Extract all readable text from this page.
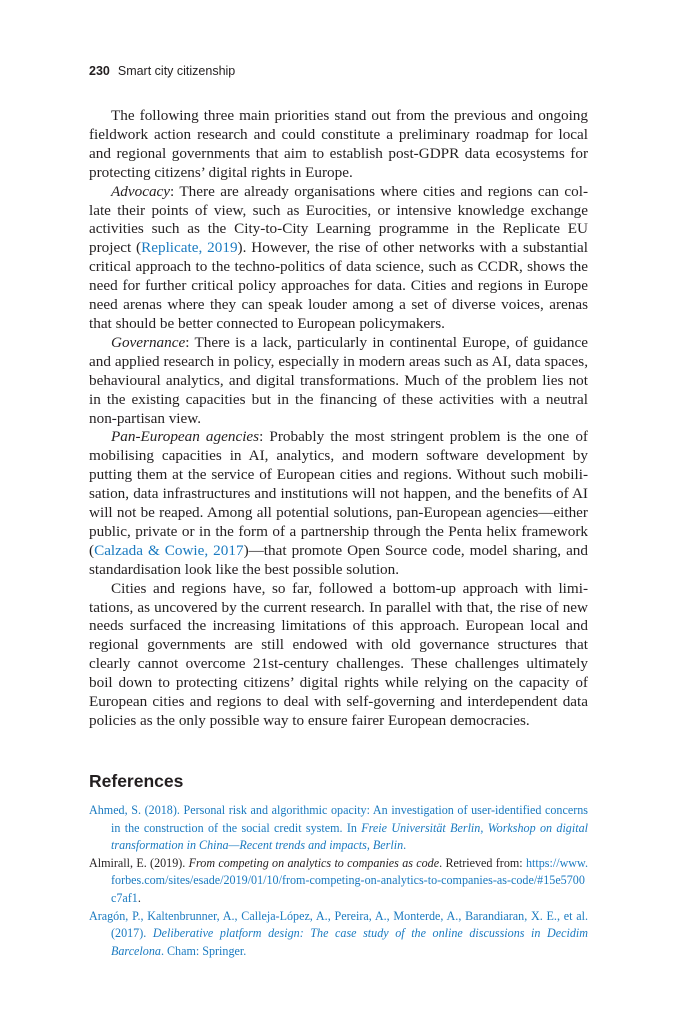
230 Smart city citizenship

The following three main priorities stand out from the previous and ongoing fieldwork action research and could constitute a preliminary roadmap for local and regional governments that aim to establish post-GDPR data ecosystems for protecting citizens’ digital rights in Europe.

Advocacy: There are already organisations where cities and regions can collate their points of view, such as Eurocities, or intensive knowledge exchange activities such as the City-to-City Learning programme in the Replicate EU project (Replicate, 2019). However, the rise of other networks with a substantial critical approach to the techno-politics of data science, such as CCDR, shows the need for further critical policy approaches for data. Cities and regions in Europe need arenas where they can speak louder among a set of diverse voices, arenas that should be better connected to European policymakers.

Governance: There is a lack, particularly in continental Europe, of guidance and applied research in policy, especially in modern areas such as AI, data spaces, behavioural analytics, and digital transformations. Much of the problem lies not in the existing capacities but in the financing of these activities with a neutral non-partisan view.

Pan-European agencies: Probably the most stringent problem is the one of mobilising capacities in AI, analytics, and modern software development by putting them at the service of European cities and regions. Without such mobilisation, data infrastructures and institutions will not happen, and the benefits of AI will not be reaped. Among all potential solutions, pan-European agencies—either public, private or in the form of a partnership through the Penta helix framework (Calzada & Cowie, 2017)—that promote Open Source code, model sharing, and standardisation look like the best possible solution.

Cities and regions have, so far, followed a bottom-up approach with limitations, as uncovered by the current research. In parallel with that, the rise of new needs surfaced the increasing limitations of this approach. European local and regional governments are still endowed with old governance structures that clearly cannot overcome 21st-century challenges. These challenges ultimately boil down to protecting citizens’ digital rights while relying on the capacity of European cities and regions to deal with self-governing and interdependent data policies as the only possible way to ensure fairer European democracies.

References

Ahmed, S. (2018). Personal risk and algorithmic opacity: An investigation of user-identified concerns in the construction of the social credit system. In Freie Universität Berlin, Workshop on digital transformation in China—Recent trends and impacts, Berlin.

Almirall, E. (2019). From competing on analytics to companies as code. Retrieved from: https://www.forbes.com/sites/esade/2019/01/10/from-competing-on-analytics-to-companies-as-code/#15e5700c7af1.

Aragón, P., Kaltenbrunner, A., Calleja-López, A., Pereira, A., Monterde, A., Barandiaran, X. E., et al. (2017). Deliberative platform design: The case study of the online discussions in Decidim Barcelona. Cham: Springer.
